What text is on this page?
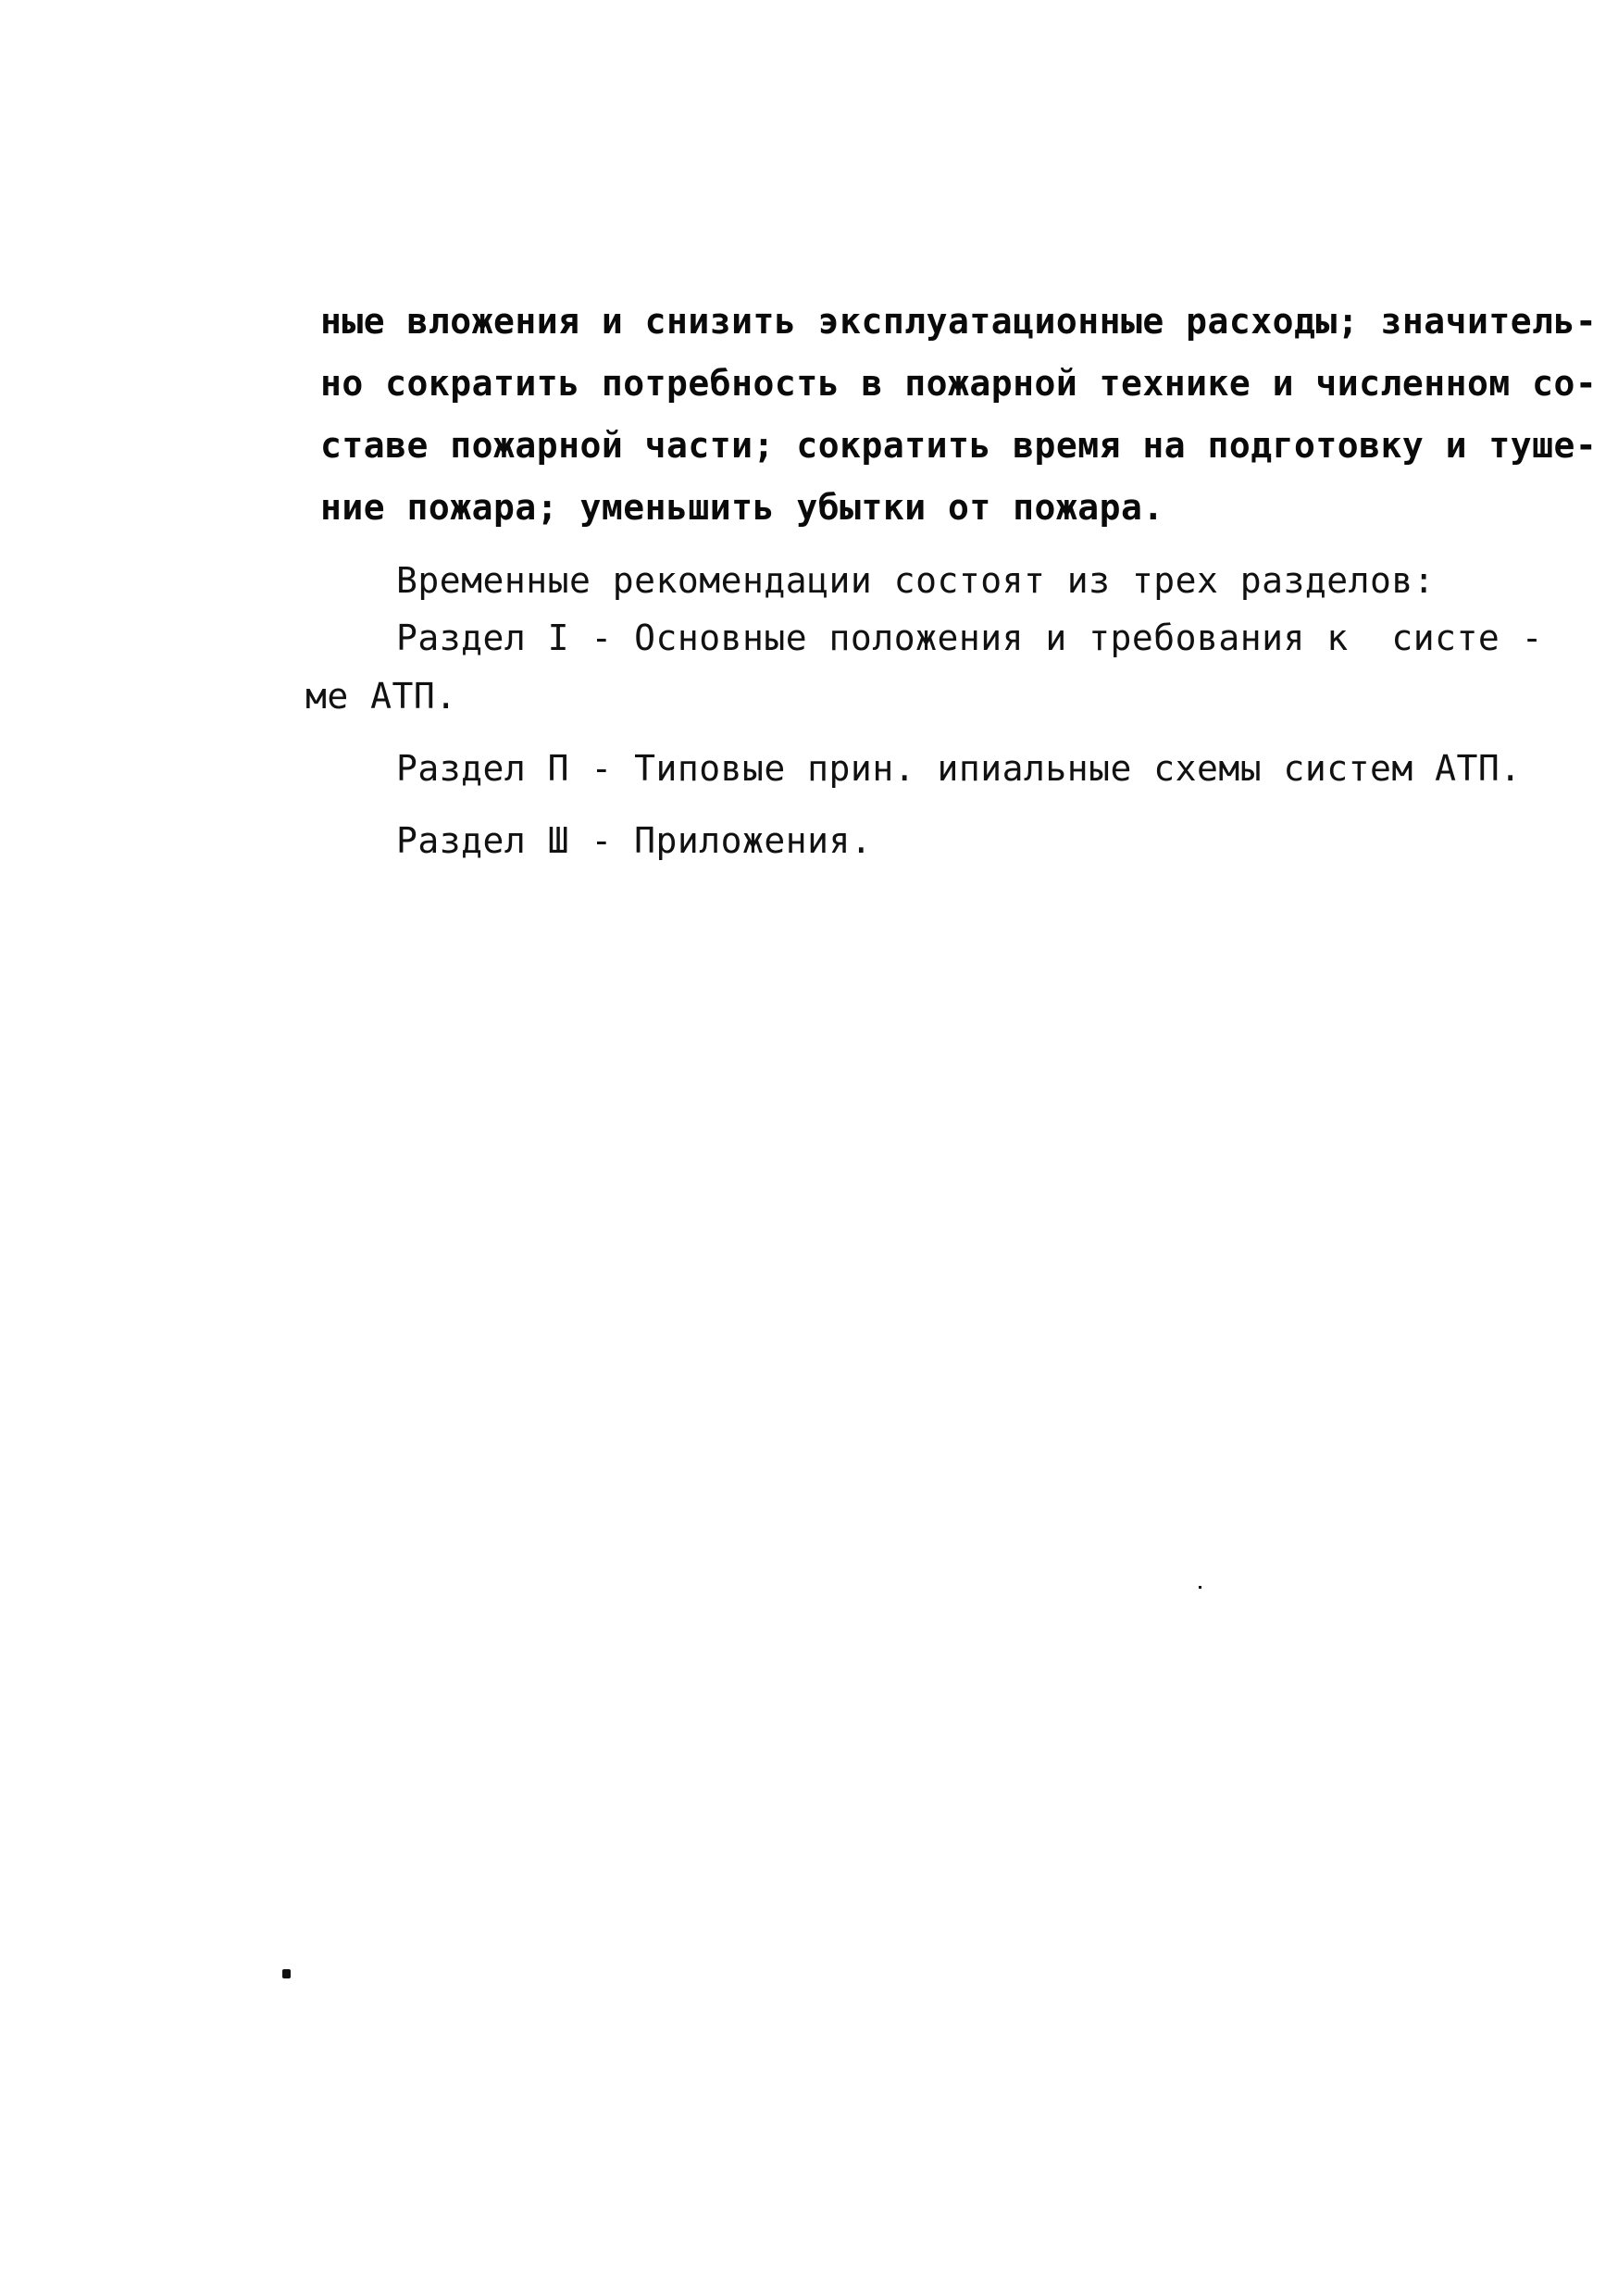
ные вложения и снизить эксплуатационные расходы; значитель-
но сократить потребность в пожарной технике и численном со-
ставе пожарной части; сократить время на подготовку и туше-
ние пожара; уменьшить убытки от пожара.
Временные рекомендации состоят из трех разделов:
Раздел I - Основные положения и требования к  систе -
ме АТП.
Раздел П - Типовые прин. ипиальные схемы систем АТП.
Раздел Ш - Приложения.
